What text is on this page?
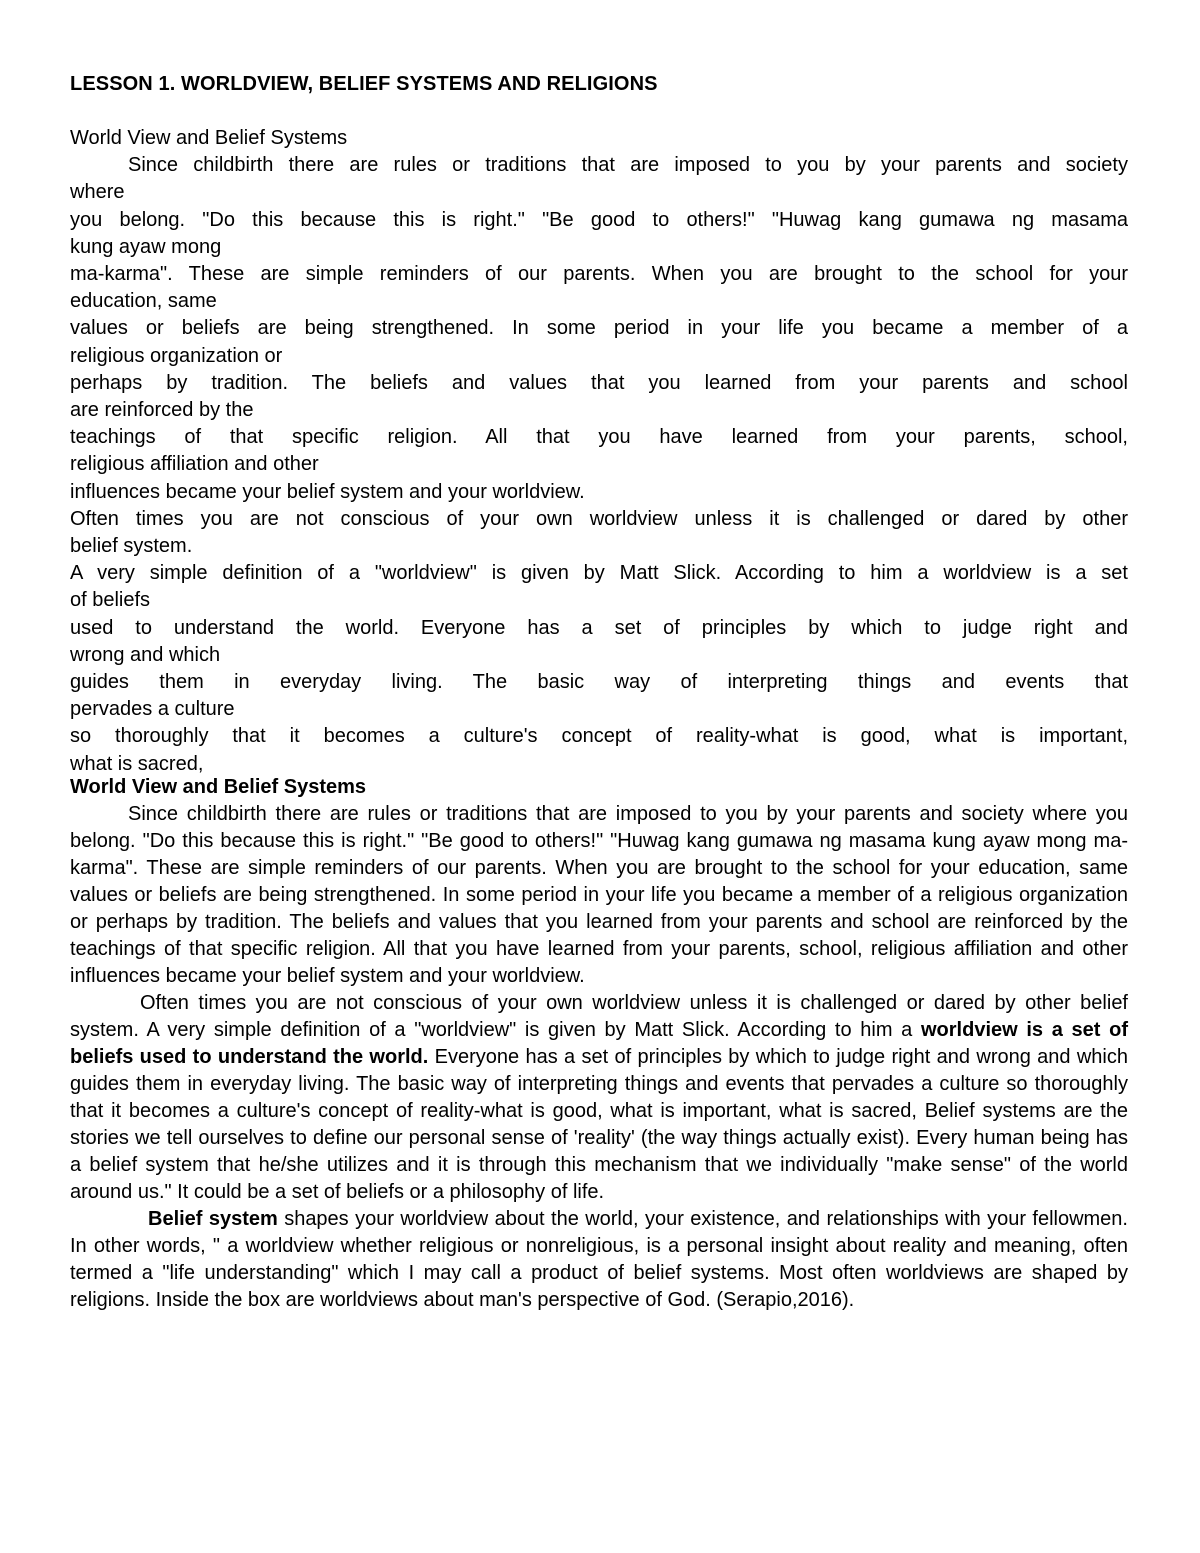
LESSON 1. WORLDVIEW, BELIEF SYSTEMS AND RELIGIONS
World View and Belief Systems
Since childbirth there are rules or traditions that are imposed to you by your parents and society
where
you belong. "Do this because this is right." "Be good to others!" "Huwag kang gumawa ng masama
kung ayaw mong
ma-karma". These are simple reminders of our parents. When you are brought to the school for your
education, same
values or beliefs are being strengthened. In some period in your life you became a member of a
religious organization or
perhaps by tradition. The beliefs and values that you learned from your parents and school
are reinforced by the
teachings of that specific religion. All that you have learned from your parents, school,
religious affiliation and other
influences became your belief system and your worldview.
Often times you are not conscious of your own worldview unless it is challenged or dared by other
belief system.
A very simple definition of a "worldview" is given by Matt Slick. According to him a worldview is a set
of beliefs
used to understand the world. Everyone has a set of principles by which to judge right and
wrong and which
guides them in everyday living. The basic way of interpreting things and events that
pervades a culture
so thoroughly that it becomes a culture's concept of reality-what is good, what is important,
what is sacred,
World View and Belief Systems

Since childbirth there are rules or traditions that are imposed to you by your parents and society where you belong. "Do this because this is right." "Be good to others!" "Huwag kang gumawa ng masama kung ayaw mong ma-karma". These are simple reminders of our parents. When you are brought to the school for your education, same values or beliefs are being strengthened. In some period in your life you became a member of a religious organization or perhaps by tradition. The beliefs and values that you learned from your parents and school are reinforced by the teachings of that specific religion. All that you have learned from your parents, school, religious affiliation and other influences became your belief system and your worldview.

Often times you are not conscious of your own worldview unless it is challenged or dared by other belief system. A very simple definition of a "worldview" is given by Matt Slick. According to him a worldview is a set of beliefs used to understand the world. Everyone has a set of principles by which to judge right and wrong and which guides them in everyday living. The basic way of interpreting things and events that pervades a culture so thoroughly that it becomes a culture's concept of reality-what is good, what is important, what is sacred, Belief systems are the stories we tell ourselves to define our personal sense of 'reality' (the way things actually exist). Every human being has a belief system that he/she utilizes and it is through this mechanism that we individually "make sense" of the world around us." It could be a set of beliefs or a philosophy of life.

Belief system shapes your worldview about the world, your existence, and relationships with your fellowmen. In other words, " a worldview whether religious or nonreligious, is a personal insight about reality and meaning, often termed a "life understanding" which I may call a product of belief systems. Most often worldviews are shaped by religions. Inside the box are worldviews about man's perspective of God. (Serapio,2016).
